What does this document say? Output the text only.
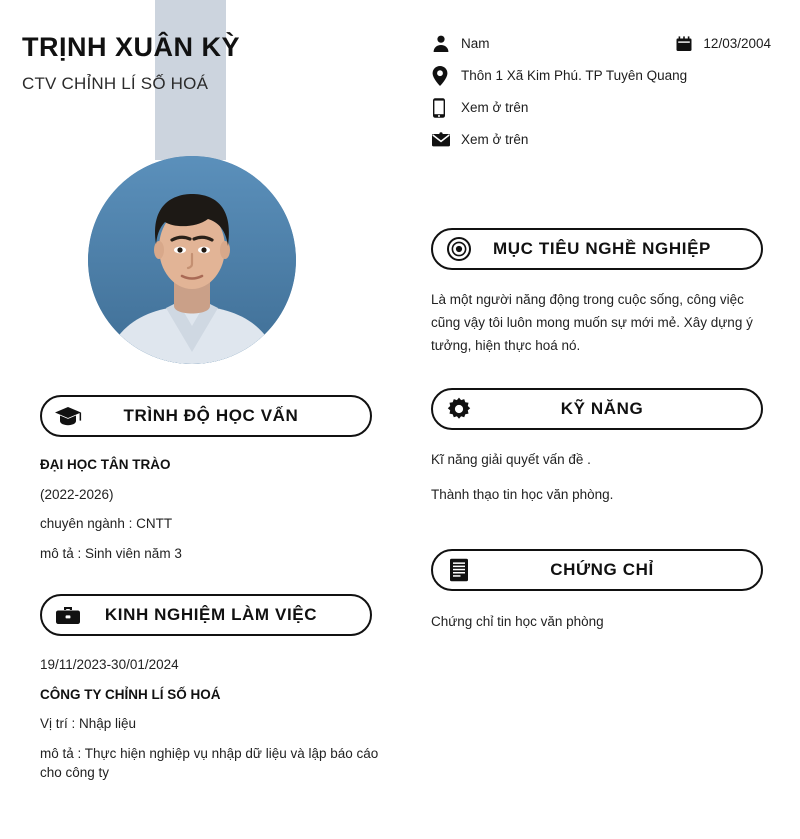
TRỊNH XUÂN KỲ
CTV CHỈNH LÍ SỐ HOÁ
TRÌNH ĐỘ HỌC VẤN
ĐẠI HỌC TÂN TRÀO
(2022-2026)
chuyên ngành : CNTT
mô tả : Sinh viên năm 3
KINH NGHIỆM LÀM VIỆC
19/11/2023-30/01/2024
CÔNG TY CHỈNH LÍ SỐ HOÁ
Vị trí : Nhập liệu
mô tả : Thực hiện nghiệp vụ nhập dữ liệu và lập báo cáo cho công ty
Nam	12/03/2004
Thôn 1 Xã Kim Phú. TP Tuyên Quang
Xem ở trên
Xem ở trên
MỤC TIÊU NGHỀ NGHIỆP
Là một người năng động trong cuộc sống, công việc cũng vậy tôi luôn mong muốn sự mới mẻ. Xây dựng ý tưởng, hiện thực hoá nó.
KỸ NĂNG
Kĩ năng giải quyết vấn đề .
Thành thạo tin học văn phòng.
CHỨNG CHỈ
Chứng chỉ tin học văn phòng
